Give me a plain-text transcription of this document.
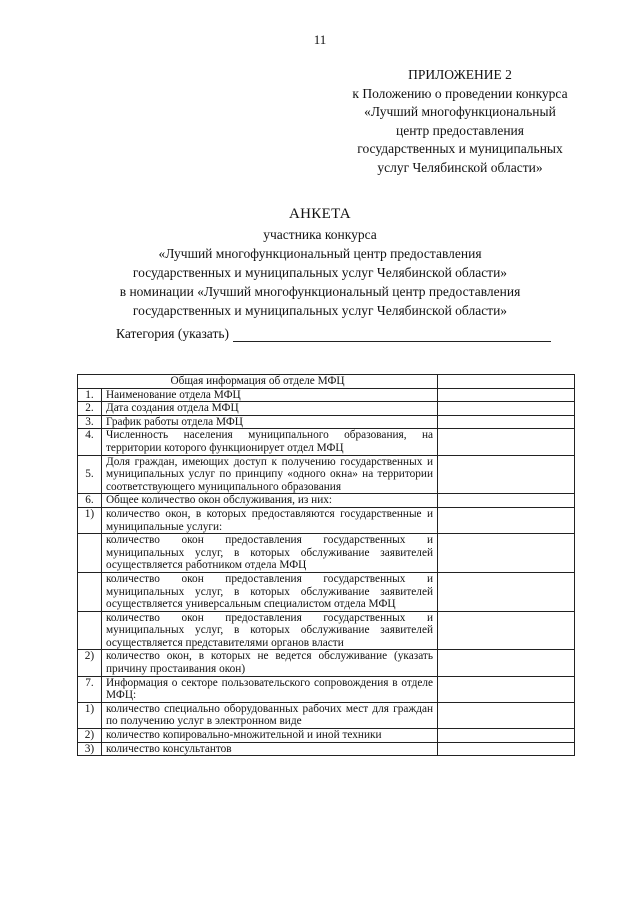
11
ПРИЛОЖЕНИЕ 2
к Положению о проведении конкурса
«Лучший многофункциональный
центр предоставления
государственных и муниципальных
услуг Челябинской области»
АНКЕТА
участника конкурса
«Лучший многофункциональный центр предоставления
государственных и муниципальных услуг Челябинской области»
в номинации «Лучший многофункциональный центр предоставления
государственных и муниципальных услуг Челябинской области»
Категория (указать)
Общая информация об отделе МФЦ		
1.	Наименование отдела МФЦ	
2.	Дата создания отдела МФЦ	
3.	График работы отдела МФЦ	
4.	Численность населения муниципального образования, на территории которого функционирует отдел МФЦ	
5.	Доля граждан, имеющих доступ к получению государственных и муниципальных услуг по принципу «одного окна» на территории соответствующего муниципального образования	
6.	Общее количество окон обслуживания, из них:	
1)	количество окон, в которых предоставляются государственные и муниципальные услуги:	
	количество окон предоставления государственных и муниципальных услуг, в которых обслуживание заявителей осуществляется работником отдела МФЦ	
	количество окон предоставления государственных и муниципальных услуг, в которых обслуживание заявителей осуществляется универсальным специалистом отдела МФЦ	
	количество окон предоставления государственных и муниципальных услуг, в которых обслуживание заявителей осуществляется представителями органов власти	
2)	количество окон, в которых не ведется обслуживание (указать причину простаивания окон)	
7.	Информация о секторе пользовательского сопровождения в отделе МФЦ:	
1)	количество специально оборудованных рабочих мест для граждан по получению услуг в электронном виде	
2)	количество копировально-множительной и иной техники	
3)	количество консультантов	
